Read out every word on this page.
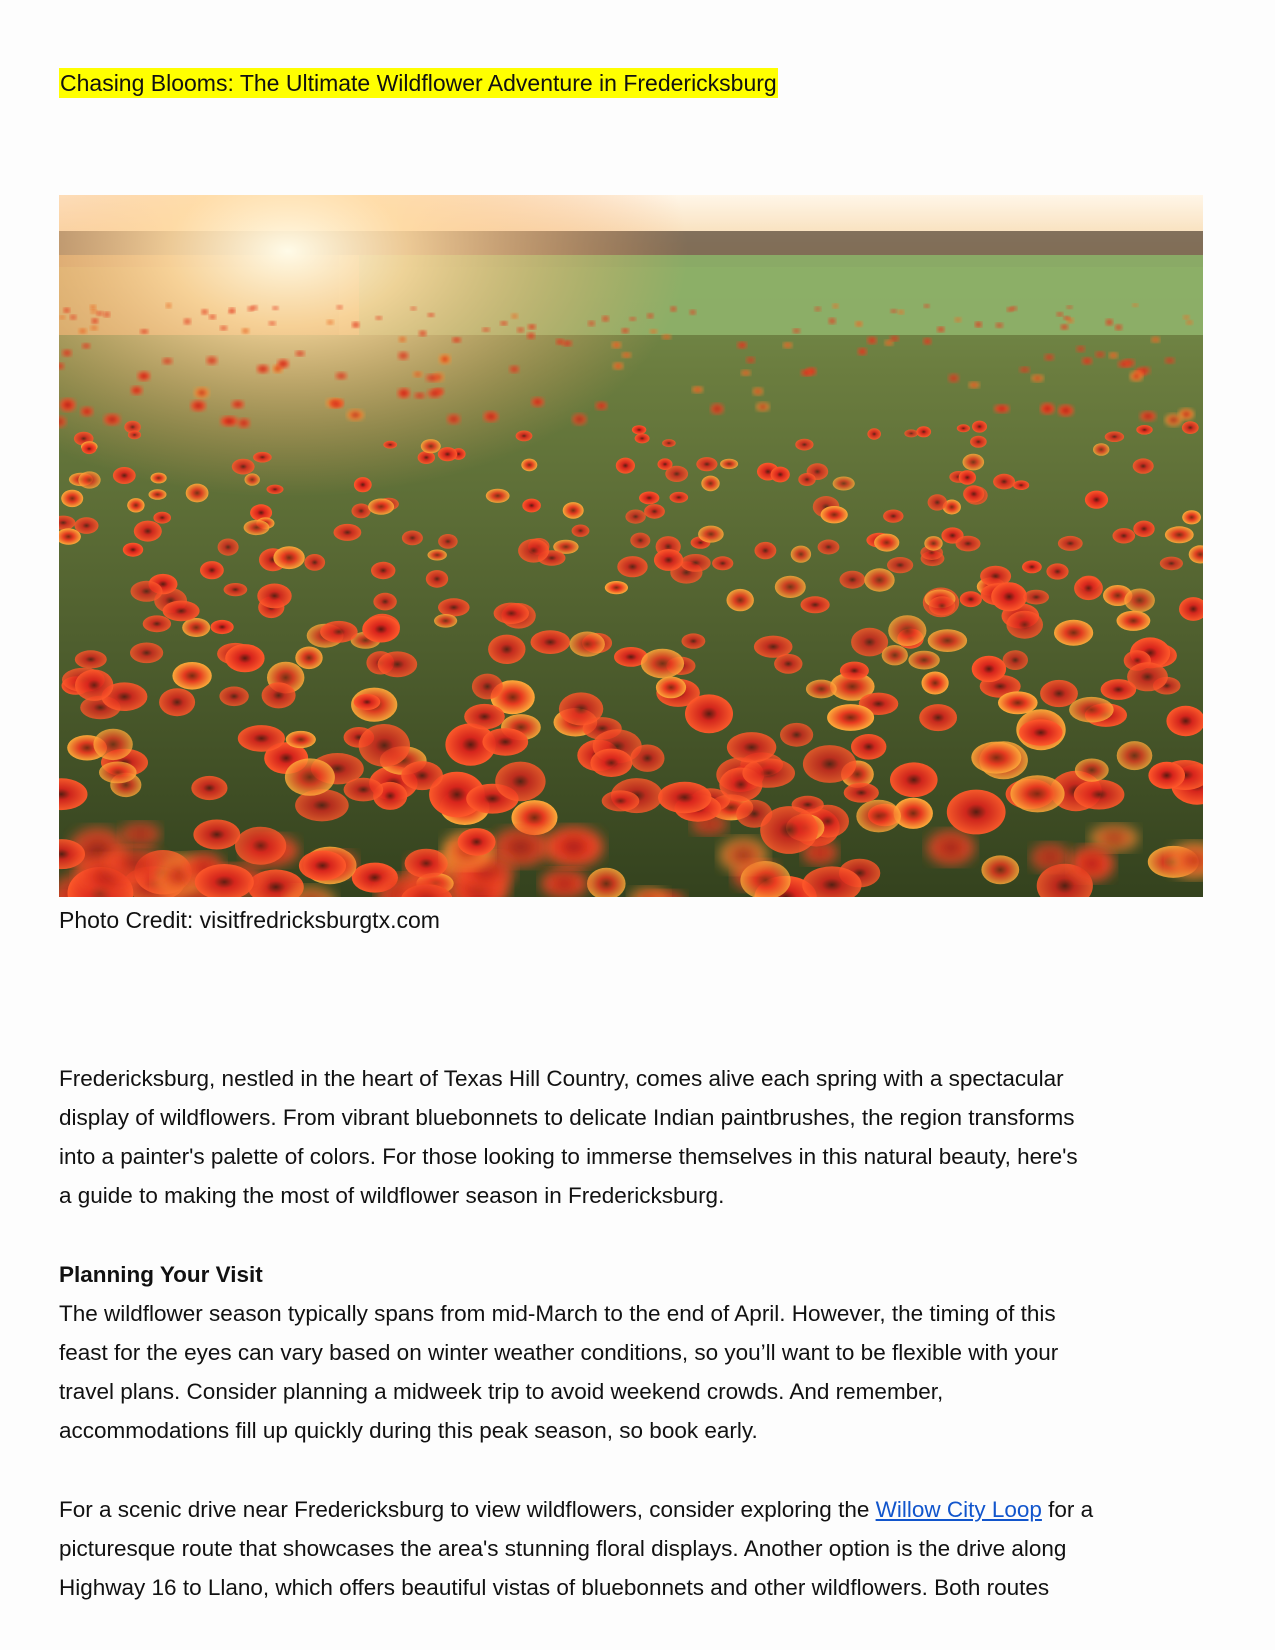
Chasing Blooms: The Ultimate Wildflower Adventure in Fredericksburg
Photo Credit: visitfredricksburgtx.com
Fredericksburg, nestled in the heart of Texas Hill Country, comes alive each spring with a spectacular
display of wildflowers. From vibrant bluebonnets to delicate Indian paintbrushes, the region transforms
into a painter's palette of colors. For those looking to immerse themselves in this natural beauty, here's
a guide to making the most of wildflower season in Fredericksburg.
Planning Your Visit
The wildflower season typically spans from mid-March to the end of April. However, the timing of this
feast for the eyes can vary based on winter weather conditions, so you’ll want to be flexible with your
travel plans. Consider planning a midweek trip to avoid weekend crowds. And remember,
accommodations fill up quickly during this peak season, so book early.
For a scenic drive near Fredericksburg to view wildflowers, consider exploring the Willow City Loop for a
picturesque route that showcases the area's stunning floral displays. Another option is the drive along
Highway 16 to Llano, which offers beautiful vistas of bluebonnets and other wildflowers. Both routes
